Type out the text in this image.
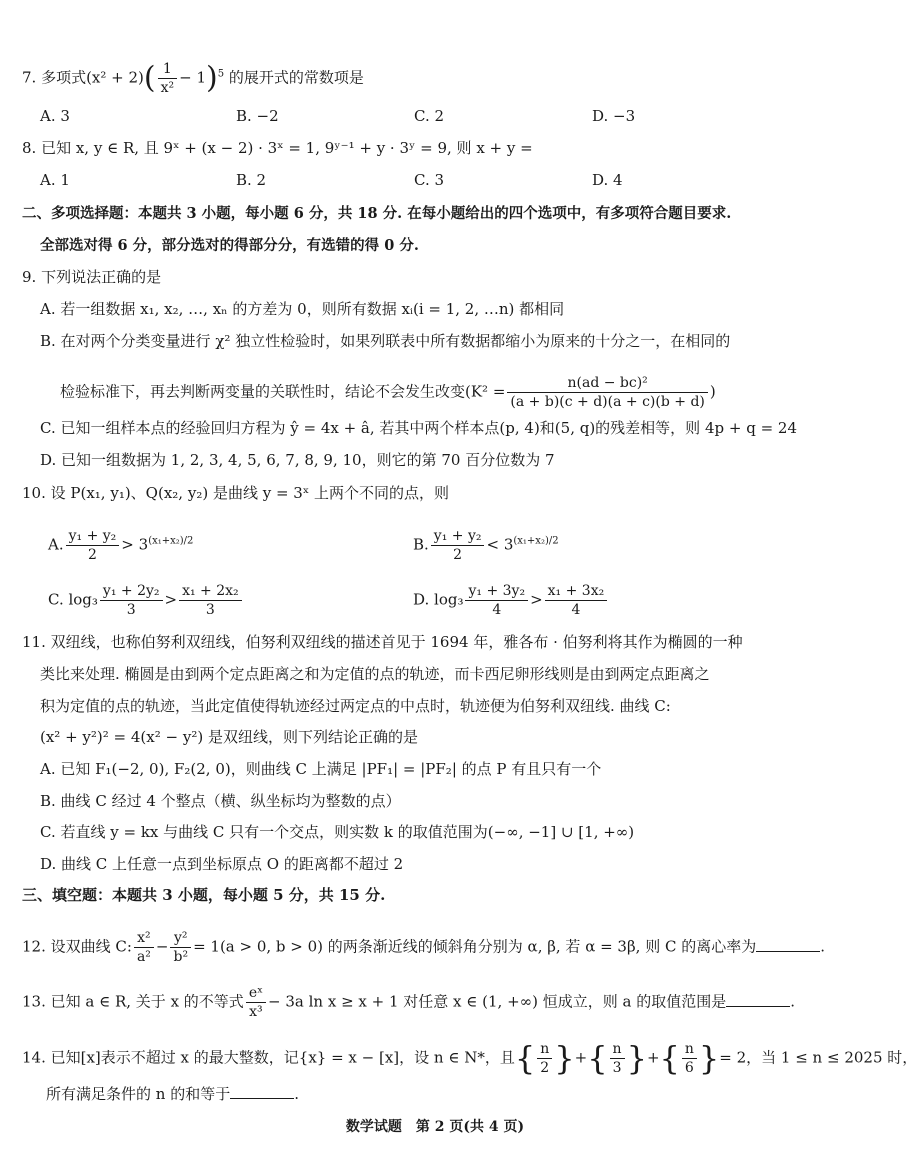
7. 多项式$(x^2 + 2)( \frac{1}{\text{x²}} - 1)^5$ 的展开式的常数项是
A. 3	B. −2	C. 2	D. −3
8. 已知 x, y ∈ R, 且 9ˣ + (x − 2) · 3ˣ = 1, 9ʸ⁻¹ + y · 3ʸ = 9, 则 x + y =
A. 1	B. 2	C. 3	D. 4
二、多项选择题：本题共 3 小题，每小题 6 分，共 18 分. 在每小题给出的四个选项中，有多项符合题目要求.
全部选对得 6 分，部分选对的得部分分，有选错的得 0 分.
9. 下列说法正确的是
A. 若一组数据 x₁, x₂, …, xₙ 的方差为 0，则所有数据 xᵢ(i = 1, 2, …n) 都相同
B. 在对两个分类变量进行 χ² 独立性检验时，如果列联表中所有数据都缩小为原来的十分之一，在相同的
检验标准下，再去判断两变量的关联性时，结论不会发生改变($K^2 = \frac{\text{n(ad − bc)²}}{(a + b)(c + d)(a + c)(b + d)}$ )
C. 已知一组样本点的经验回归方程为 ŷ = 4x + â, 若其中两个样本点(p, 4)和(5, q)的残差相等，则 4p + q = 24
D. 已知一组数据为 1, 2, 3, 4, 5, 6, 7, 8, 9, 10，则它的第 70 百分位数为 7
10. 设 P(x₁, y₁)、Q(x₂, y₂) 是曲线 y = 3ˣ 上两个不同的点，则
A. $\frac{\text{y₁ + y₂}}{2} > 3^{(x_1+x_2)/2}$	B. $\frac{\text{y₁ + y₂}}{2} < 3^{(x_1+x_2)/2}$
C. $\log_3 \frac{\text{y₁ + 2y₂}}{3} > \frac{\text{x₁ + 2x₂}}{3}$	D. $\log_3 \frac{\text{y₁ + 3y₂}}{4} > \frac{\text{x₁ + 3x₂}}{4}$
11. 双纽线，也称伯努利双纽线，伯努利双纽线的描述首见于 1694 年，雅各布 · 伯努利将其作为椭圆的一种
类比来处理. 椭圆是由到两个定点距离之和为定值的点的轨迹，而卡西尼卵形线则是由到两定点距离之
积为定值的点的轨迹，当此定值使得轨迹经过两定点的中点时，轨迹便为伯努利双纽线. 曲线 C:
(x² + y²)² = 4(x² − y²) 是双纽线，则下列结论正确的是
A. 已知 F₁(−2, 0), F₂(2, 0)，则曲线 C 上满足 |PF₁| = |PF₂| 的点 P 有且只有一个
B. 曲线 C 经过 4 个整点（横、纵坐标均为整数的点）
C. 若直线 y = kx 与曲线 C 只有一个交点，则实数 k 的取值范围为(−∞, −1] ∪ [1, +∞)
D. 曲线 C 上任意一点到坐标原点 O 的距离都不超过 2
三、填空题：本题共 3 小题，每小题 5 分，共 15 分.
12. 设双曲线 C: $\frac{\text{x²}}{\text{a²}} - \frac{\text{y²}}{\text{b²}} = 1(a > 0$, b > 0) 的两条渐近线的倾斜角分别为 α, β, 若 α = 3β, 则 C 的离心率为	.
13. 已知 a ∈ R, 关于 x 的不等式 $\frac{\text{eˣ}}{\text{x³}} - 3a$ ln x ≥ x + 1 对任意 x ∈ (1, +∞) 恒成立，则 a 的取值范围是	.
14. 已知[x]表示不超过 x 的最大整数，记{x} = x − [x]，设 n ∈ N*，且{ $\frac{n}{2}$ }+{ $\frac{n}{3}$ }+{ $\frac{n}{6}$ }= 2，当 1 ≤ n ≤ 2025 时，
所有满足条件的 n 的和等于	.
数学试题　第 2 页(共 4 页)
